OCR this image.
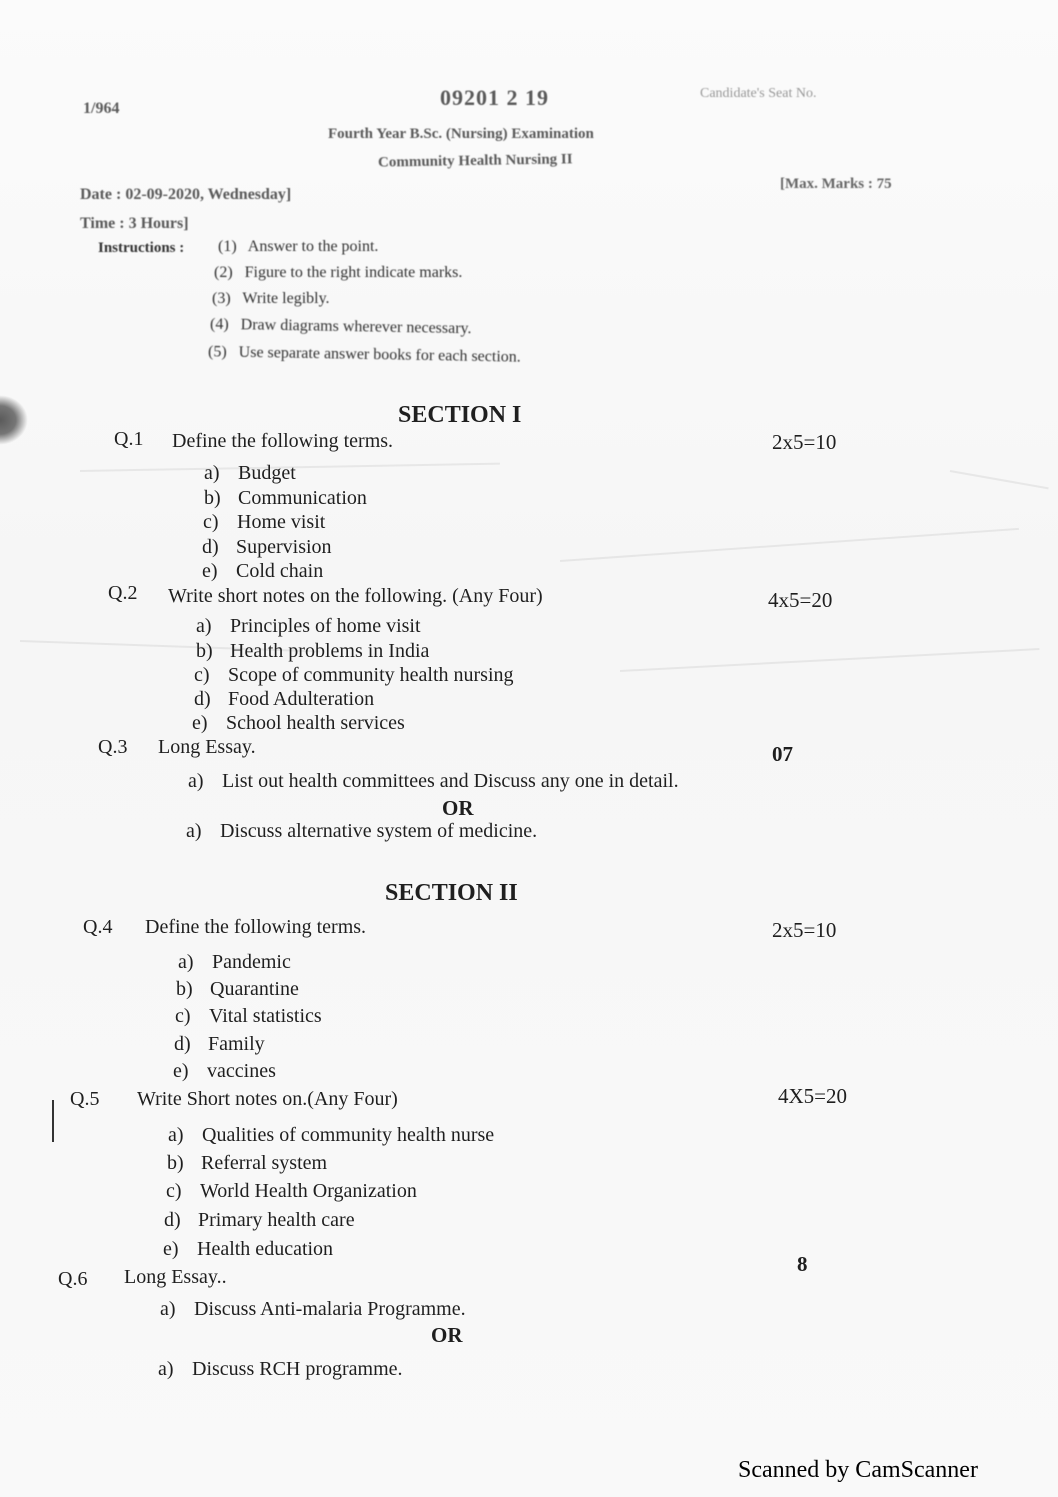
1/964	09201 2 19	Candidate's Seat No.
Fourth Year B.Sc. (Nursing) Examination
Community Health Nursing II
Date : 02-09-2020, Wednesday]
[Max. Marks : 75
Time : 3 Hours]
Instructions : (1) Answer to the point.
(2) Figure to the right indicate marks.
(3) Write legibly.
(4) Draw diagrams wherever necessary.
(5) Use separate answer books for each section.
SECTION I
Q.1 Define the following terms.	2x5=10
a) Budget
b) Communication
c) Home visit
d) Supervision
e) Cold chain
Q.2 Write short notes on the following. (Any Four)	4x5=20
a) Principles of home visit
b) Health problems in India
c) Scope of community health nursing
d) Food Adulteration
e) School health services
Q.3 Long Essay.	07
a) List out health committees and Discuss any one in detail.
OR
a) Discuss alternative system of medicine.
SECTION II
Q.4 Define the following terms.	2x5=10
a) Pandemic
b) Quarantine
c) Vital statistics
d) Family
e) vaccines
Q.5 Write Short notes on.(Any Four)	4X5=20
a) Qualities of community health nurse
b) Referral system
c) World Health Organization
d) Primary health care
e) Health education
Q.6 Long Essay..
8
a) Discuss Anti-malaria Programme.
OR
a) Discuss RCH programme.
Scanned by CamScanner
